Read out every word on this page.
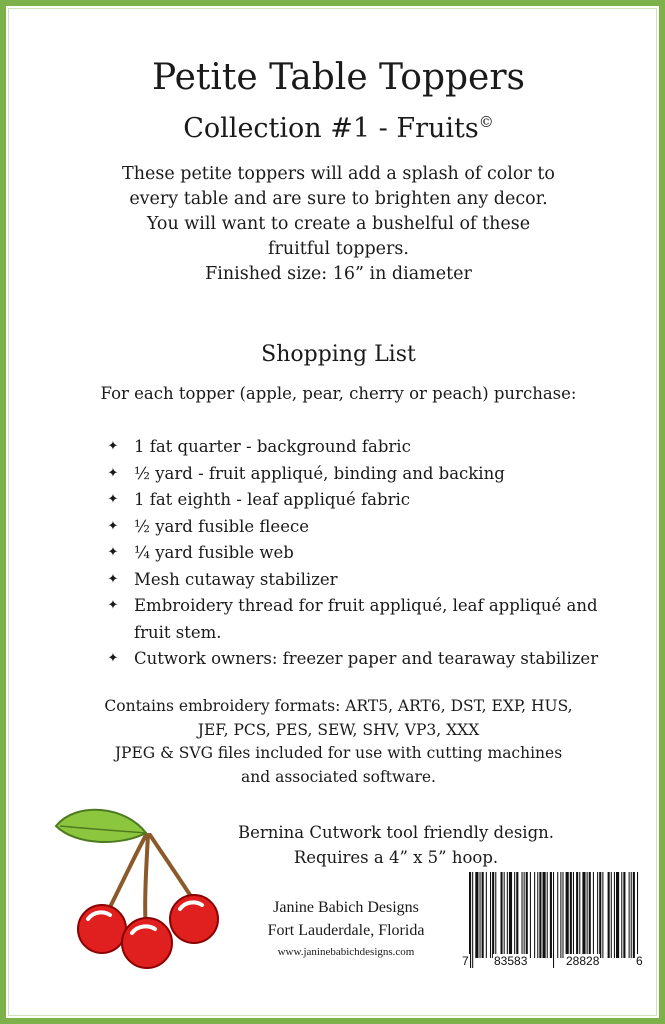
Petite Table Toppers
Collection #1 - Fruits©
These petite toppers will add a splash of color to
every table and are sure to brighten any decor.
You will want to create a bushelful of these
fruitful toppers.
Finished size: 16” in diameter
Shopping List
For each topper (apple, pear, cherry or peach) purchase:
✦ 1 fat quarter - background fabric
✦ ½ yard - fruit appliqué, binding and backing
✦ 1 fat eighth - leaf appliqué fabric
✦ ½ yard fusible fleece
✦ ¼ yard fusible web
✦ Mesh cutaway stabilizer
✦ Embroidery thread for fruit appliqué, leaf appliqué and
fruit stem.
✦ Cutwork owners: freezer paper and tearaway stabilizer
Contains embroidery formats: ART5, ART6, DST, EXP, HUS,
JEF, PCS, PES, SEW, SHV, VP3, XXX
JPEG & SVG files included for use with cutting machines
and associated software.
Bernina Cutwork tool friendly design.
Requires a 4” x 5” hoop.
Janine Babich Designs
Fort Lauderdale, Florida
www.janinebabichdesigns.com
7 83583	28828	6
